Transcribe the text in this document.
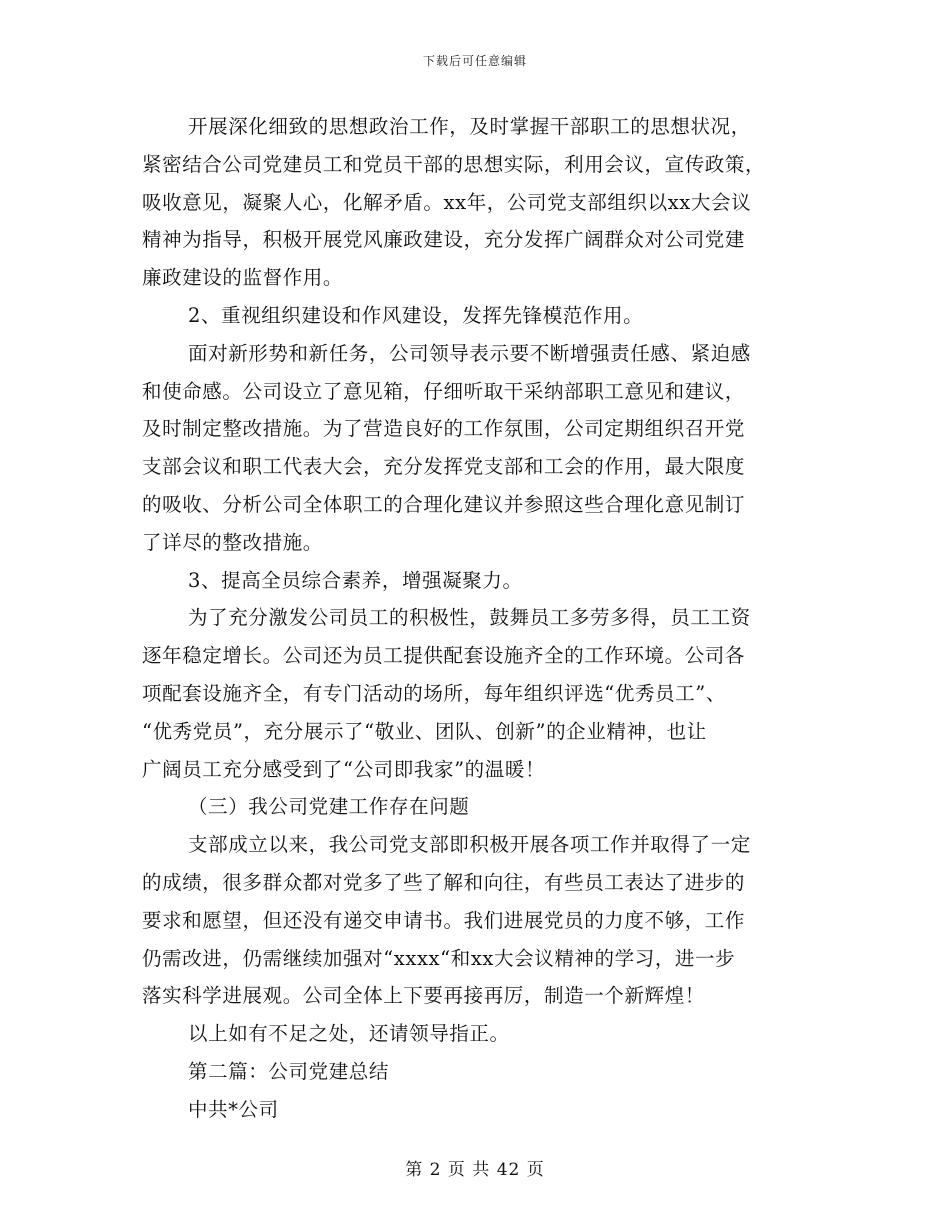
下载后可任意编辑
开展深化细致的思想政治工作，及时掌握干部职工的思想状况，
紧密结合公司党建员工和党员干部的思想实际，利用会议，宣传政策，
吸收意见，凝聚人心，化解矛盾。xx年，公司党支部组织以xx大会议
精神为指导，积极开展党风廉政建设，充分发挥广阔群众对公司党建
廉政建设的监督作用。
2、重视组织建设和作风建设，发挥先锋模范作用。
面对新形势和新任务，公司领导表示要不断增强责任感、紧迫感
和使命感。公司设立了意见箱，仔细听取干采纳部职工意见和建议，
及时制定整改措施。为了营造良好的工作氛围，公司定期组织召开党
支部会议和职工代表大会，充分发挥党支部和工会的作用，最大限度
的吸收、分析公司全体职工的合理化建议并参照这些合理化意见制订
了详尽的整改措施。
3、提高全员综合素养，增强凝聚力。
为了充分激发公司员工的积极性，鼓舞员工多劳多得，员工工资
逐年稳定增长。公司还为员工提供配套设施齐全的工作环境。公司各
项配套设施齐全，有专门活动的场所，每年组织评选“优秀员工”、
“优秀党员”，充分展示了“敬业、团队、创新”的企业精神，也让
广阔员工充分感受到了“公司即我家”的温暖！
（三）我公司党建工作存在问题
支部成立以来，我公司党支部即积极开展各项工作并取得了一定
的成绩，很多群众都对党多了些了解和向往，有些员工表达了进步的
要求和愿望，但还没有递交申请书。我们进展党员的力度不够，工作
仍需改进，仍需继续加强对“xxxx“和xx大会议精神的学习，进一步
落实科学进展观。公司全体上下要再接再厉，制造一个新辉煌！
以上如有不足之处，还请领导指正。
第二篇：公司党建总结
中共*公司
第 2 页 共 42 页
